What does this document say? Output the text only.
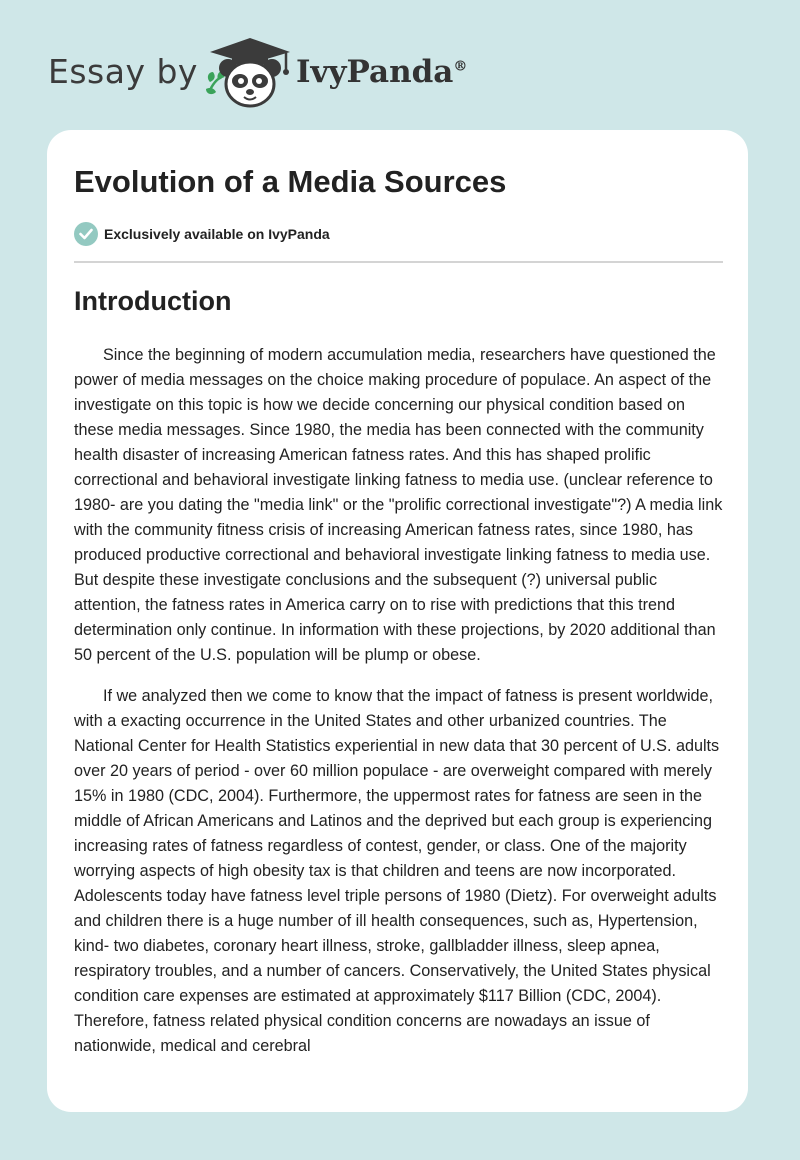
Essay by	IvyPanda®
Evolution of a Media Sources
Exclusively available on IvyPanda
Introduction

Since the beginning of modern accumulation media, researchers have questioned the power of media messages on the choice making procedure of populace. An aspect of the investigate on this topic is how we decide concerning our physical condition based on these media messages. Since 1980, the media has been connected with the community health disaster of increasing American fatness rates. And this has shaped prolific correctional and behavioral investigate linking fatness to media use. (unclear reference to 1980- are you dating the "media link" or the "prolific correctional investigate"?) A media link with the community fitness crisis of increasing American fatness rates, since 1980, has produced productive correctional and behavioral investigate linking fatness to media use. But despite these investigate conclusions and the subsequent (?) universal public attention, the fatness rates in America carry on to rise with predictions that this trend determination only continue. In information with these projections, by 2020 additional than 50 percent of the U.S. population will be plump or obese.

If we analyzed then we come to know that the impact of fatness is present worldwide, with a exacting occurrence in the United States and other urbanized countries. The National Center for Health Statistics experiential in new data that 30 percent of U.S. adults over 20 years of period - over 60 million populace - are overweight compared with merely 15% in 1980 (CDC, 2004). Furthermore, the uppermost rates for fatness are seen in the middle of African Americans and Latinos and the deprived but each group is experiencing increasing rates of fatness regardless of contest, gender, or class. One of the majority worrying aspects of high obesity tax is that children and teens are now incorporated. Adolescents today have fatness level triple persons of 1980 (Dietz). For overweight adults and children there is a huge number of ill health consequences, such as, Hypertension, kind- two diabetes, coronary heart illness, stroke, gallbladder illness, sleep apnea, respiratory troubles, and a number of cancers. Conservatively, the United States physical condition care expenses are estimated at approximately $117 Billion (CDC, 2004). Therefore, fatness related physical condition concerns are nowadays an issue of nationwide, medical and cerebral
